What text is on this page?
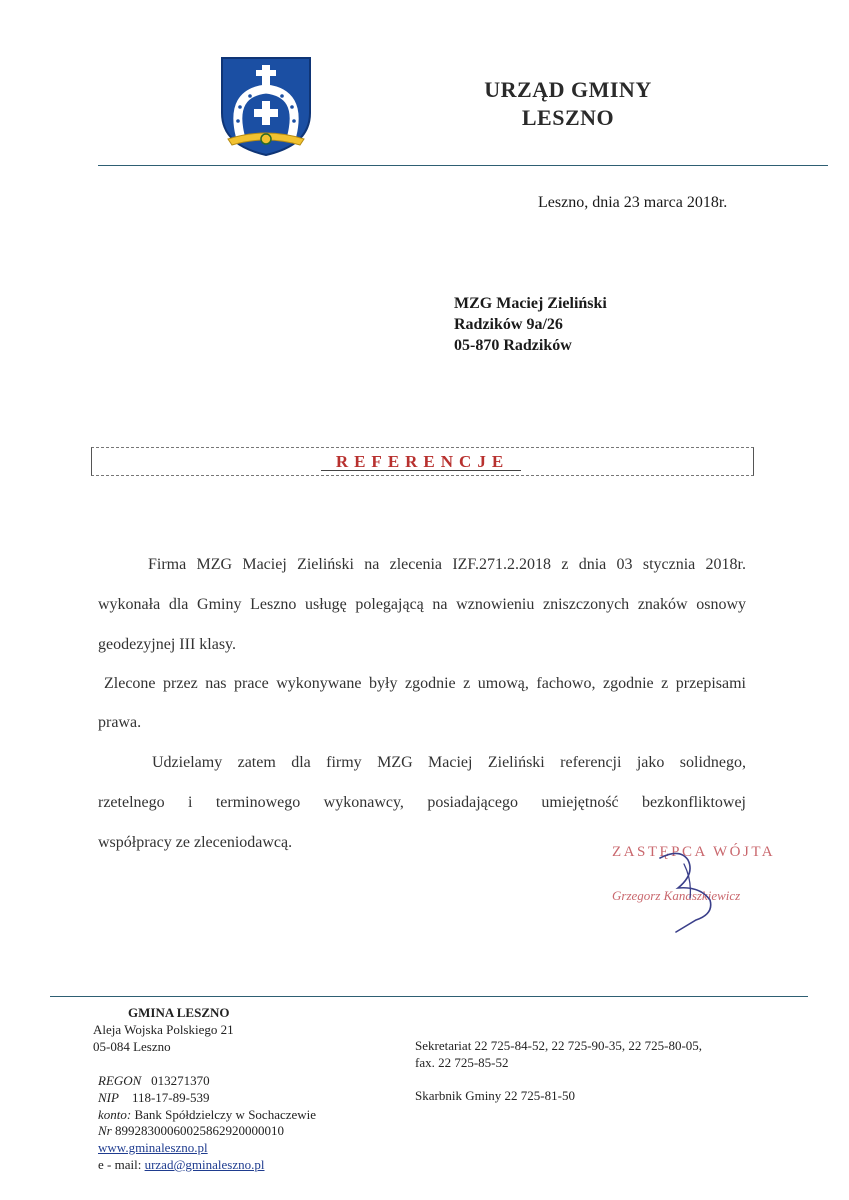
URZĄD GMINY
LESZNO
Leszno, dnia 23 marca 2018r.
MZG Maciej Zieliński
Radzików 9a/26
05-870 Radzików
REFERENCJE
Firma MZG Maciej Zieliński na zlecenia IZF.271.2.2018 z dnia 03 stycznia 2018r.
wykonała dla Gminy Leszno usługę polegającą na wznowieniu zniszczonych znaków osnowy
geodezyjnej III klasy.
Zlecone przez nas prace wykonywane były zgodnie z umową, fachowo, zgodnie z przepisami
prawa.
Udzielamy zatem dla firmy MZG Maciej Zieliński referencji jako solidnego,
rzetelnego i terminowego wykonawcy, posiadającego umiejętność bezkonfliktowej
współpracy ze zleceniodawcą.
ZASTĘPCA WÓJTA
Grzegorz Kanaszkiewicz
GMINA LESZNO
Aleja Wojska Polskiego 21
05-084 Leszno
REGON 013271370
NIP 118-17-89-539
konto: Bank Spółdzielczy w Sochaczewie
Nr 89928300060025862920000010
www.gminaleszno.pl
e - mail: urzad@gminaleszno.pl
Sekretariat 22 725-84-52, 22 725-90-35, 22 725-80-05,
fax. 22 725-85-52
Skarbnik Gminy 22 725-81-50
